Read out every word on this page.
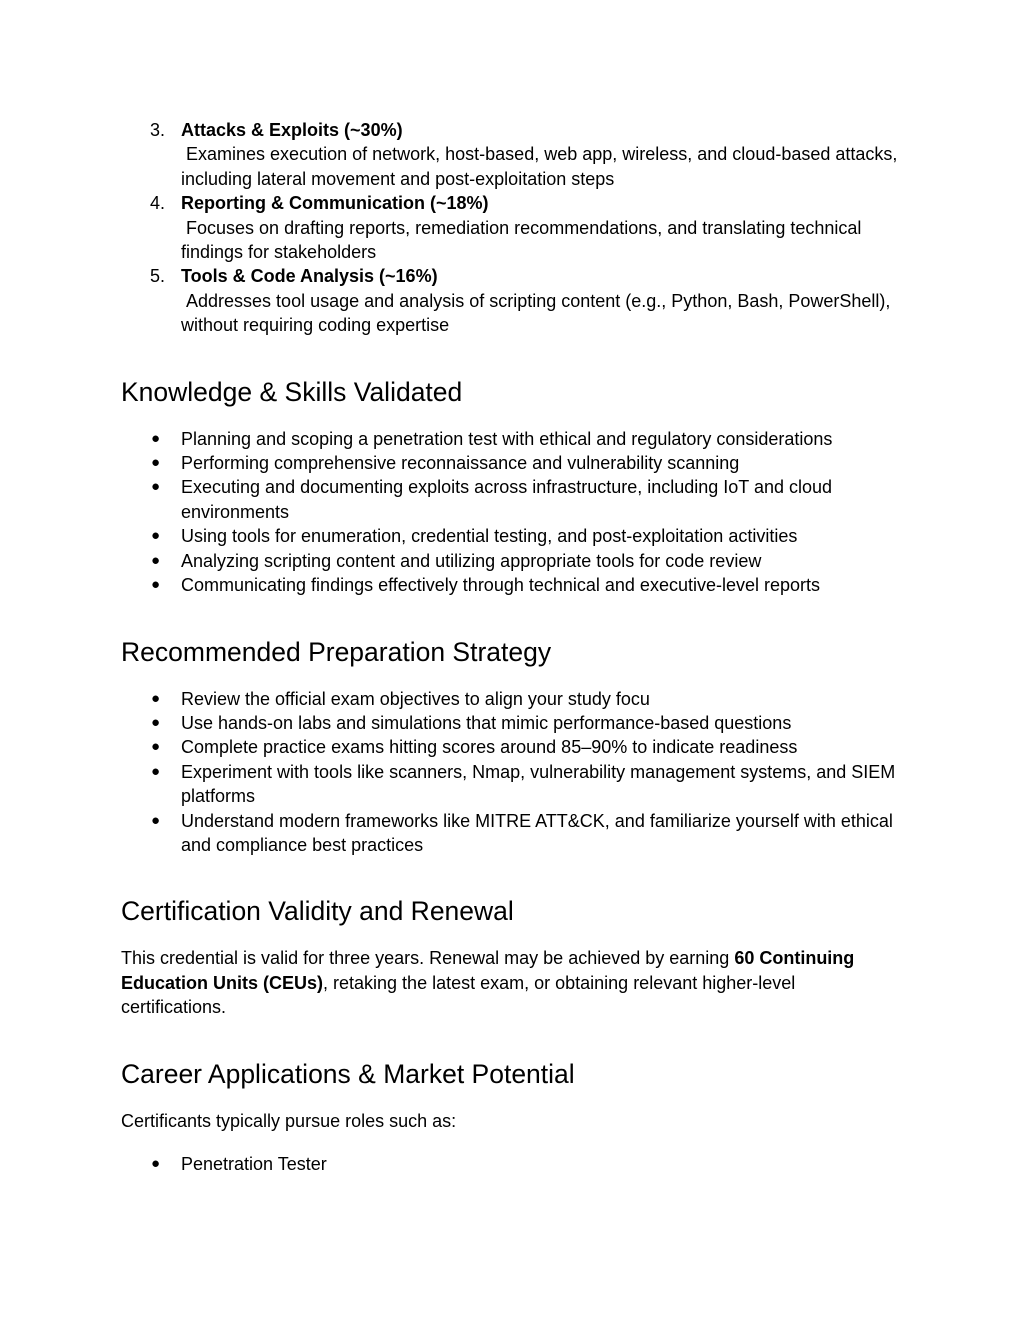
3. Attacks & Exploits (~30%)
Examines execution of network, host-based, web app, wireless, and cloud-based attacks, including lateral movement and post-exploitation steps
4. Reporting & Communication (~18%)
Focuses on drafting reports, remediation recommendations, and translating technical findings for stakeholders
5. Tools & Code Analysis (~16%)
Addresses tool usage and analysis of scripting content (e.g., Python, Bash, PowerShell), without requiring coding expertise
Knowledge & Skills Validated
● Planning and scoping a penetration test with ethical and regulatory considerations
● Performing comprehensive reconnaissance and vulnerability scanning
● Executing and documenting exploits across infrastructure, including IoT and cloud environments
● Using tools for enumeration, credential testing, and post-exploitation activities
● Analyzing scripting content and utilizing appropriate tools for code review
● Communicating findings effectively through technical and executive-level reports
Recommended Preparation Strategy
● Review the official exam objectives to align your study focu
● Use hands-on labs and simulations that mimic performance-based questions
● Complete practice exams hitting scores around 85–90% to indicate readiness
● Experiment with tools like scanners, Nmap, vulnerability management systems, and SIEM platforms
● Understand modern frameworks like MITRE ATT&CK, and familiarize yourself with ethical and compliance best practices
Certification Validity and Renewal

This credential is valid for three years. Renewal may be achieved by earning 60 Continuing Education Units (CEUs), retaking the latest exam, or obtaining relevant higher-level certifications.

Career Applications & Market Potential

Certificants typically pursue roles such as:

● Penetration Tester
